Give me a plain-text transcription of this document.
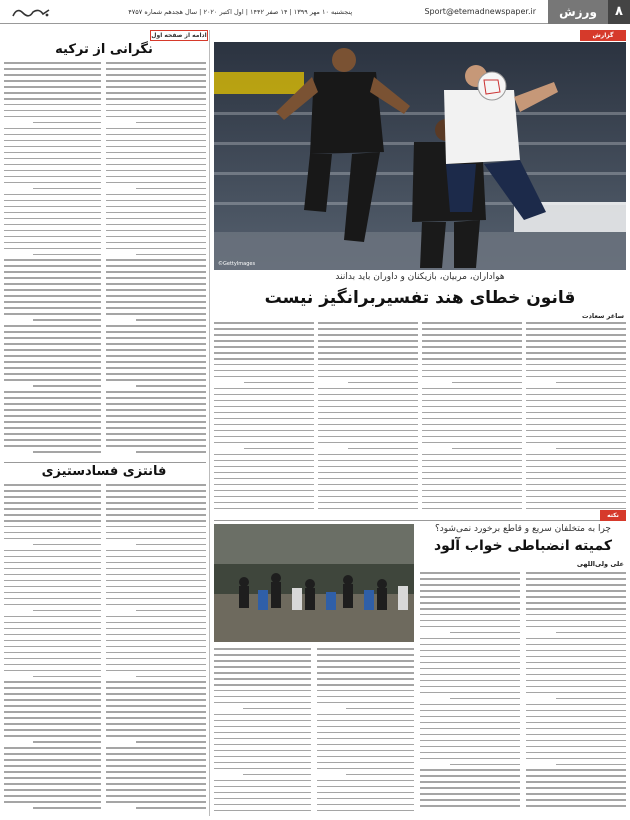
۸
ورزش
Sport@etemadnewspaper.ir
پنجشنبه ۱۰ مهر ۱۳۹۹ | ۱۴ صفر ۱۴۴۲ | اول اکتبر ۲۰۲۰ | سال هجدهم شماره ۴۷۵۷
ادامه از صفحه اول
نگرانی از ترکیه
فانتزی فسادستیزی
گزارش
©GettyImages
هواداران، مربیان، بازیکنان و داوران باید بدانند
قانون خطای هند تفسیربرانگیز نیست
ساغر سعادت
نکته
چرا به متخلفان سریع و قاطع برخورد نمی‌شود؟
کمیته انضباطی خواب آلود
علی ولی‌اللهی
